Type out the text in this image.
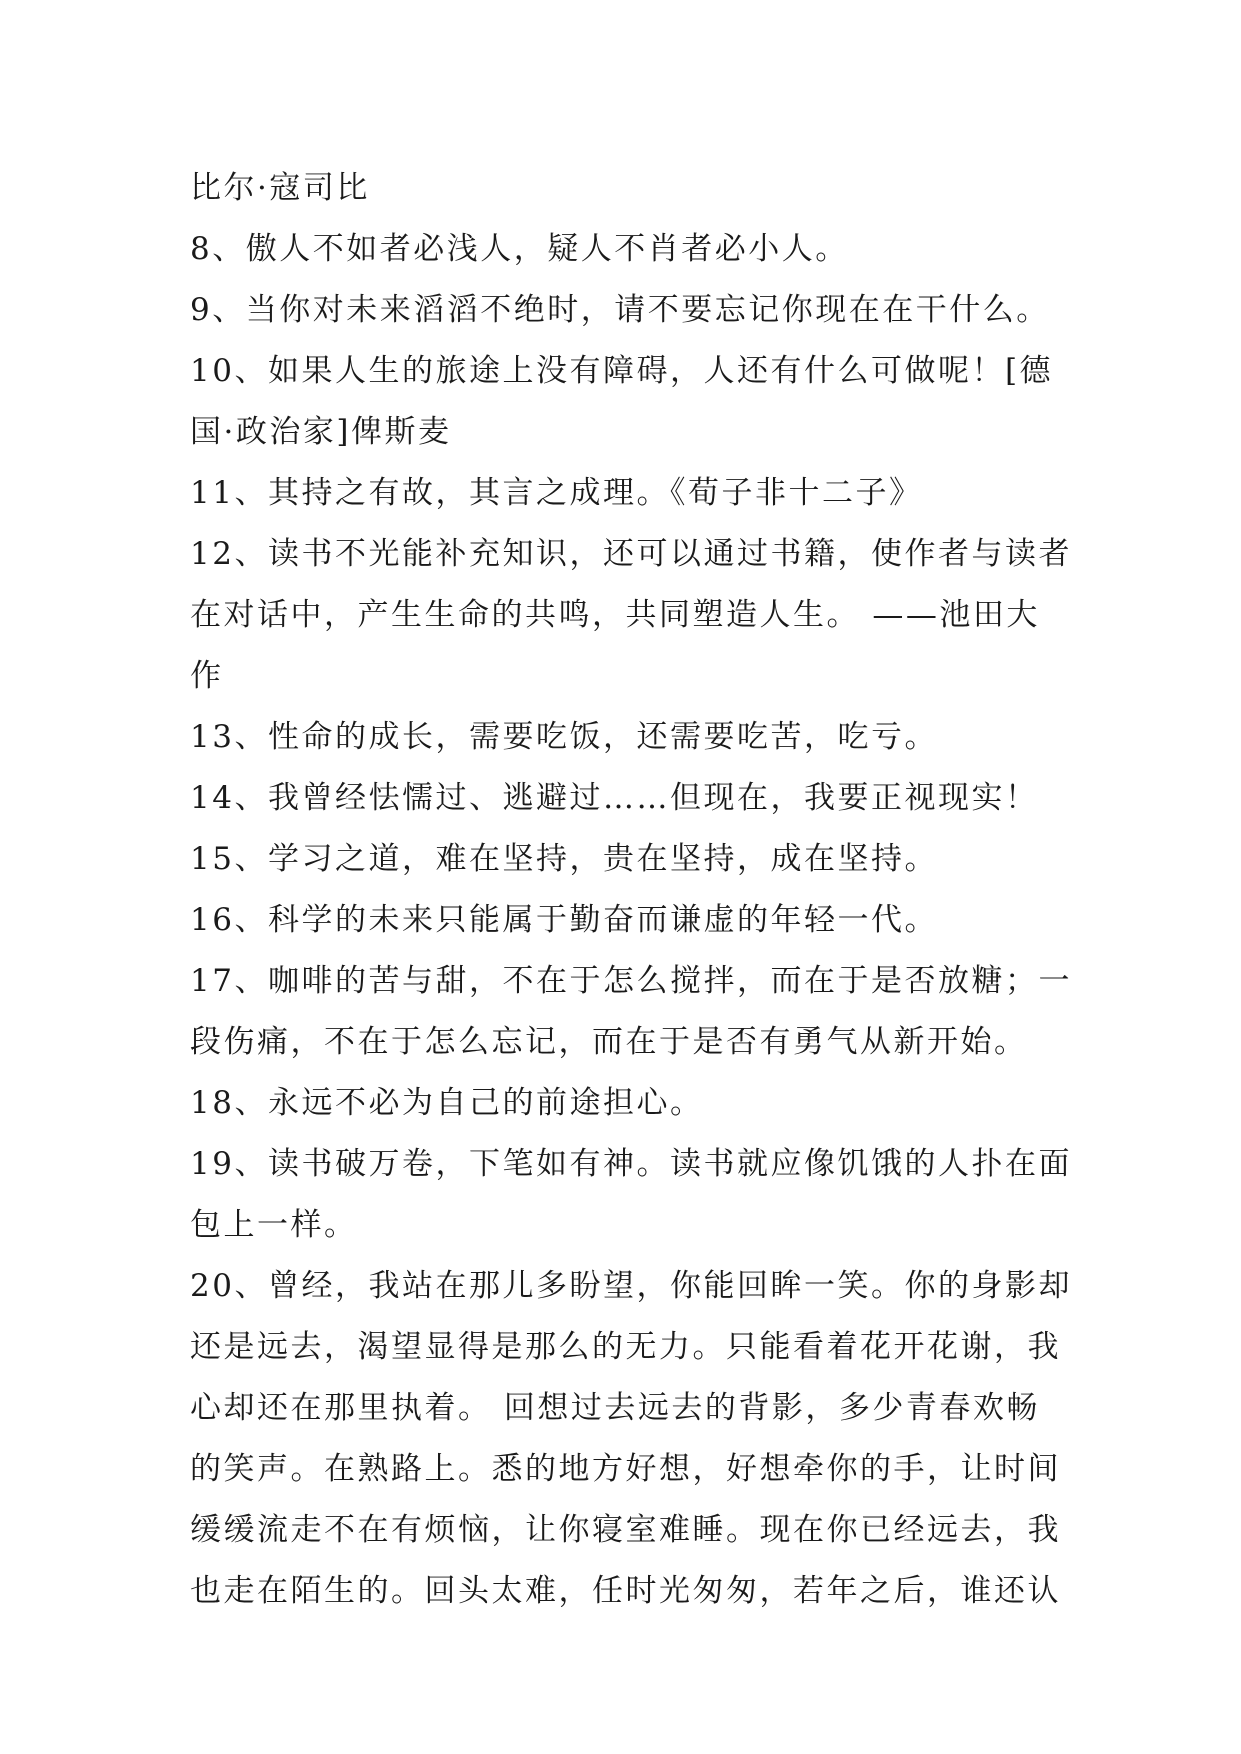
比尔·寇司比
8、傲人不如者必浅人，疑人不肖者必小人。
9、当你对未来滔滔不绝时，请不要忘记你现在在干什么。
10、如果人生的旅途上没有障碍，人还有什么可做呢！[德
国·政治家]俾斯麦
11、其持之有故，其言之成理。《荀子非十二子》
12、读书不光能补充知识，还可以通过书籍，使作者与读者
在对话中，产生生命的共鸣，共同塑造人生。 ——池田大
作
13、性命的成长，需要吃饭，还需要吃苦，吃亏。
14、我曾经怯懦过、逃避过……但现在，我要正视现实！
15、学习之道，难在坚持，贵在坚持，成在坚持。
16、科学的未来只能属于勤奋而谦虚的年轻一代。
17、咖啡的苦与甜，不在于怎么搅拌，而在于是否放糖；一
段伤痛，不在于怎么忘记，而在于是否有勇气从新开始。
18、永远不必为自己的前途担心。
19、读书破万卷，下笔如有神。读书就应像饥饿的人扑在面
包上一样。
20、曾经，我站在那儿多盼望，你能回眸一笑。你的身影却
还是远去，渴望显得是那么的无力。只能看着花开花谢，我
心却还在那里执着。 回想过去远去的背影，多少青春欢畅
的笑声。在熟路上。悉的地方好想，好想牵你的手，让时间
缓缓流走不在有烦恼，让你寝室难睡。现在你已经远去，我
也走在陌生的。回头太难，任时光匆匆，若年之后，谁还认
